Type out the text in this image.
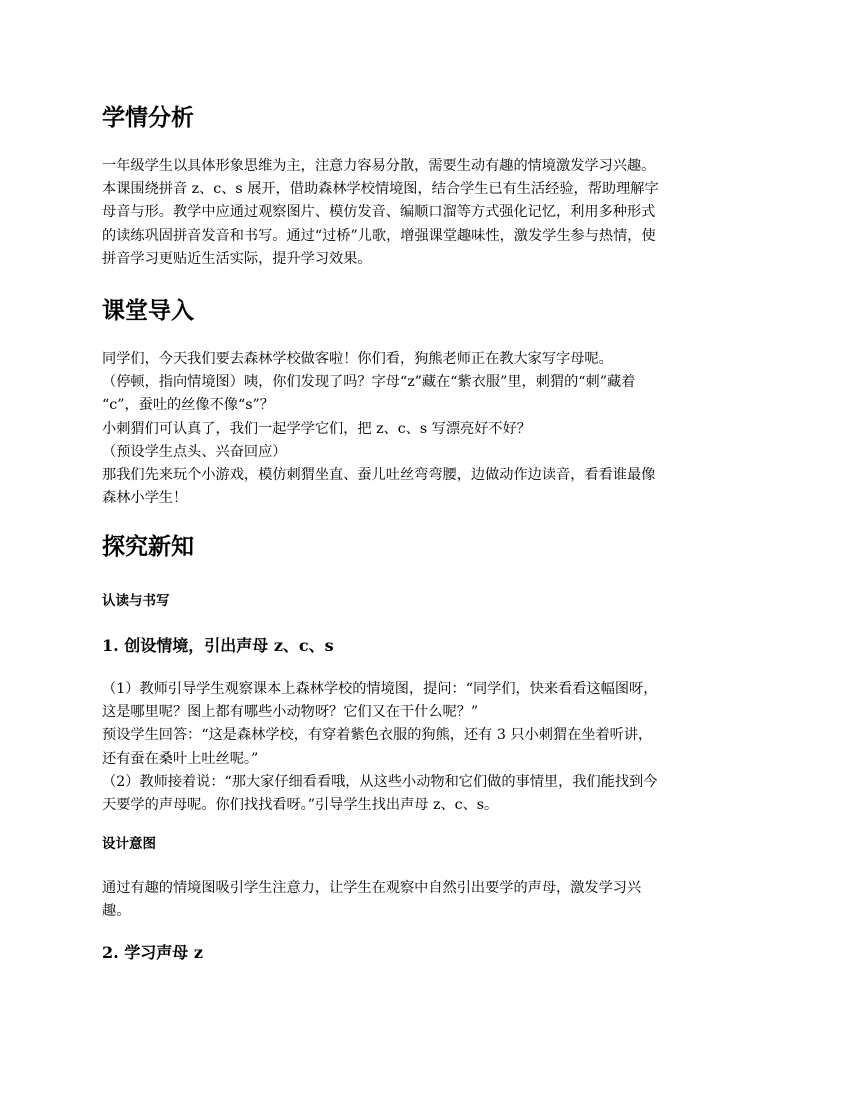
学情分析
一年级学生以具体形象思维为主，注意力容易分散，需要生动有趣的情境激发学习兴趣。
本课围绕拼音 z、c、s 展开，借助森林学校情境图，结合学生已有生活经验，帮助理解字
母音与形。教学中应通过观察图片、模仿发音、编顺口溜等方式强化记忆，利用多种形式
的读练巩固拼音发音和书写。通过“过桥”儿歌，增强课堂趣味性，激发学生参与热情，使
拼音学习更贴近生活实际，提升学习效果。
课堂导入
同学们，今天我们要去森林学校做客啦！你们看，狗熊老师正在教大家写字母呢。
（停顿，指向情境图）咦，你们发现了吗？字母“z”藏在“紫衣服”里，刺猬的“刺”藏着
“c”，蚕吐的丝像不像“s”？
小刺猬们可认真了，我们一起学学它们，把 z、c、s 写漂亮好不好？
（预设学生点头、兴奋回应）
那我们先来玩个小游戏，模仿刺猬坐直、蚕儿吐丝弯弯腰，边做动作边读音，看看谁最像
森林小学生！
探究新知
认读与书写
1. 创设情境，引出声母 z、c、s
（1）教师引导学生观察课本上森林学校的情境图，提问：“同学们，快来看看这幅图呀，
这是哪里呢？图上都有哪些小动物呀？它们又在干什么呢？”
预设学生回答：“这是森林学校，有穿着紫色衣服的狗熊，还有 3 只小刺猬在坐着听讲，
还有蚕在桑叶上吐丝呢。”
（2）教师接着说：“那大家仔细看看哦，从这些小动物和它们做的事情里，我们能找到今
天要学的声母呢。你们找找看呀。”引导学生找出声母 z、c、s。
设计意图
通过有趣的情境图吸引学生注意力，让学生在观察中自然引出要学的声母，激发学习兴
趣。
2. 学习声母 z
